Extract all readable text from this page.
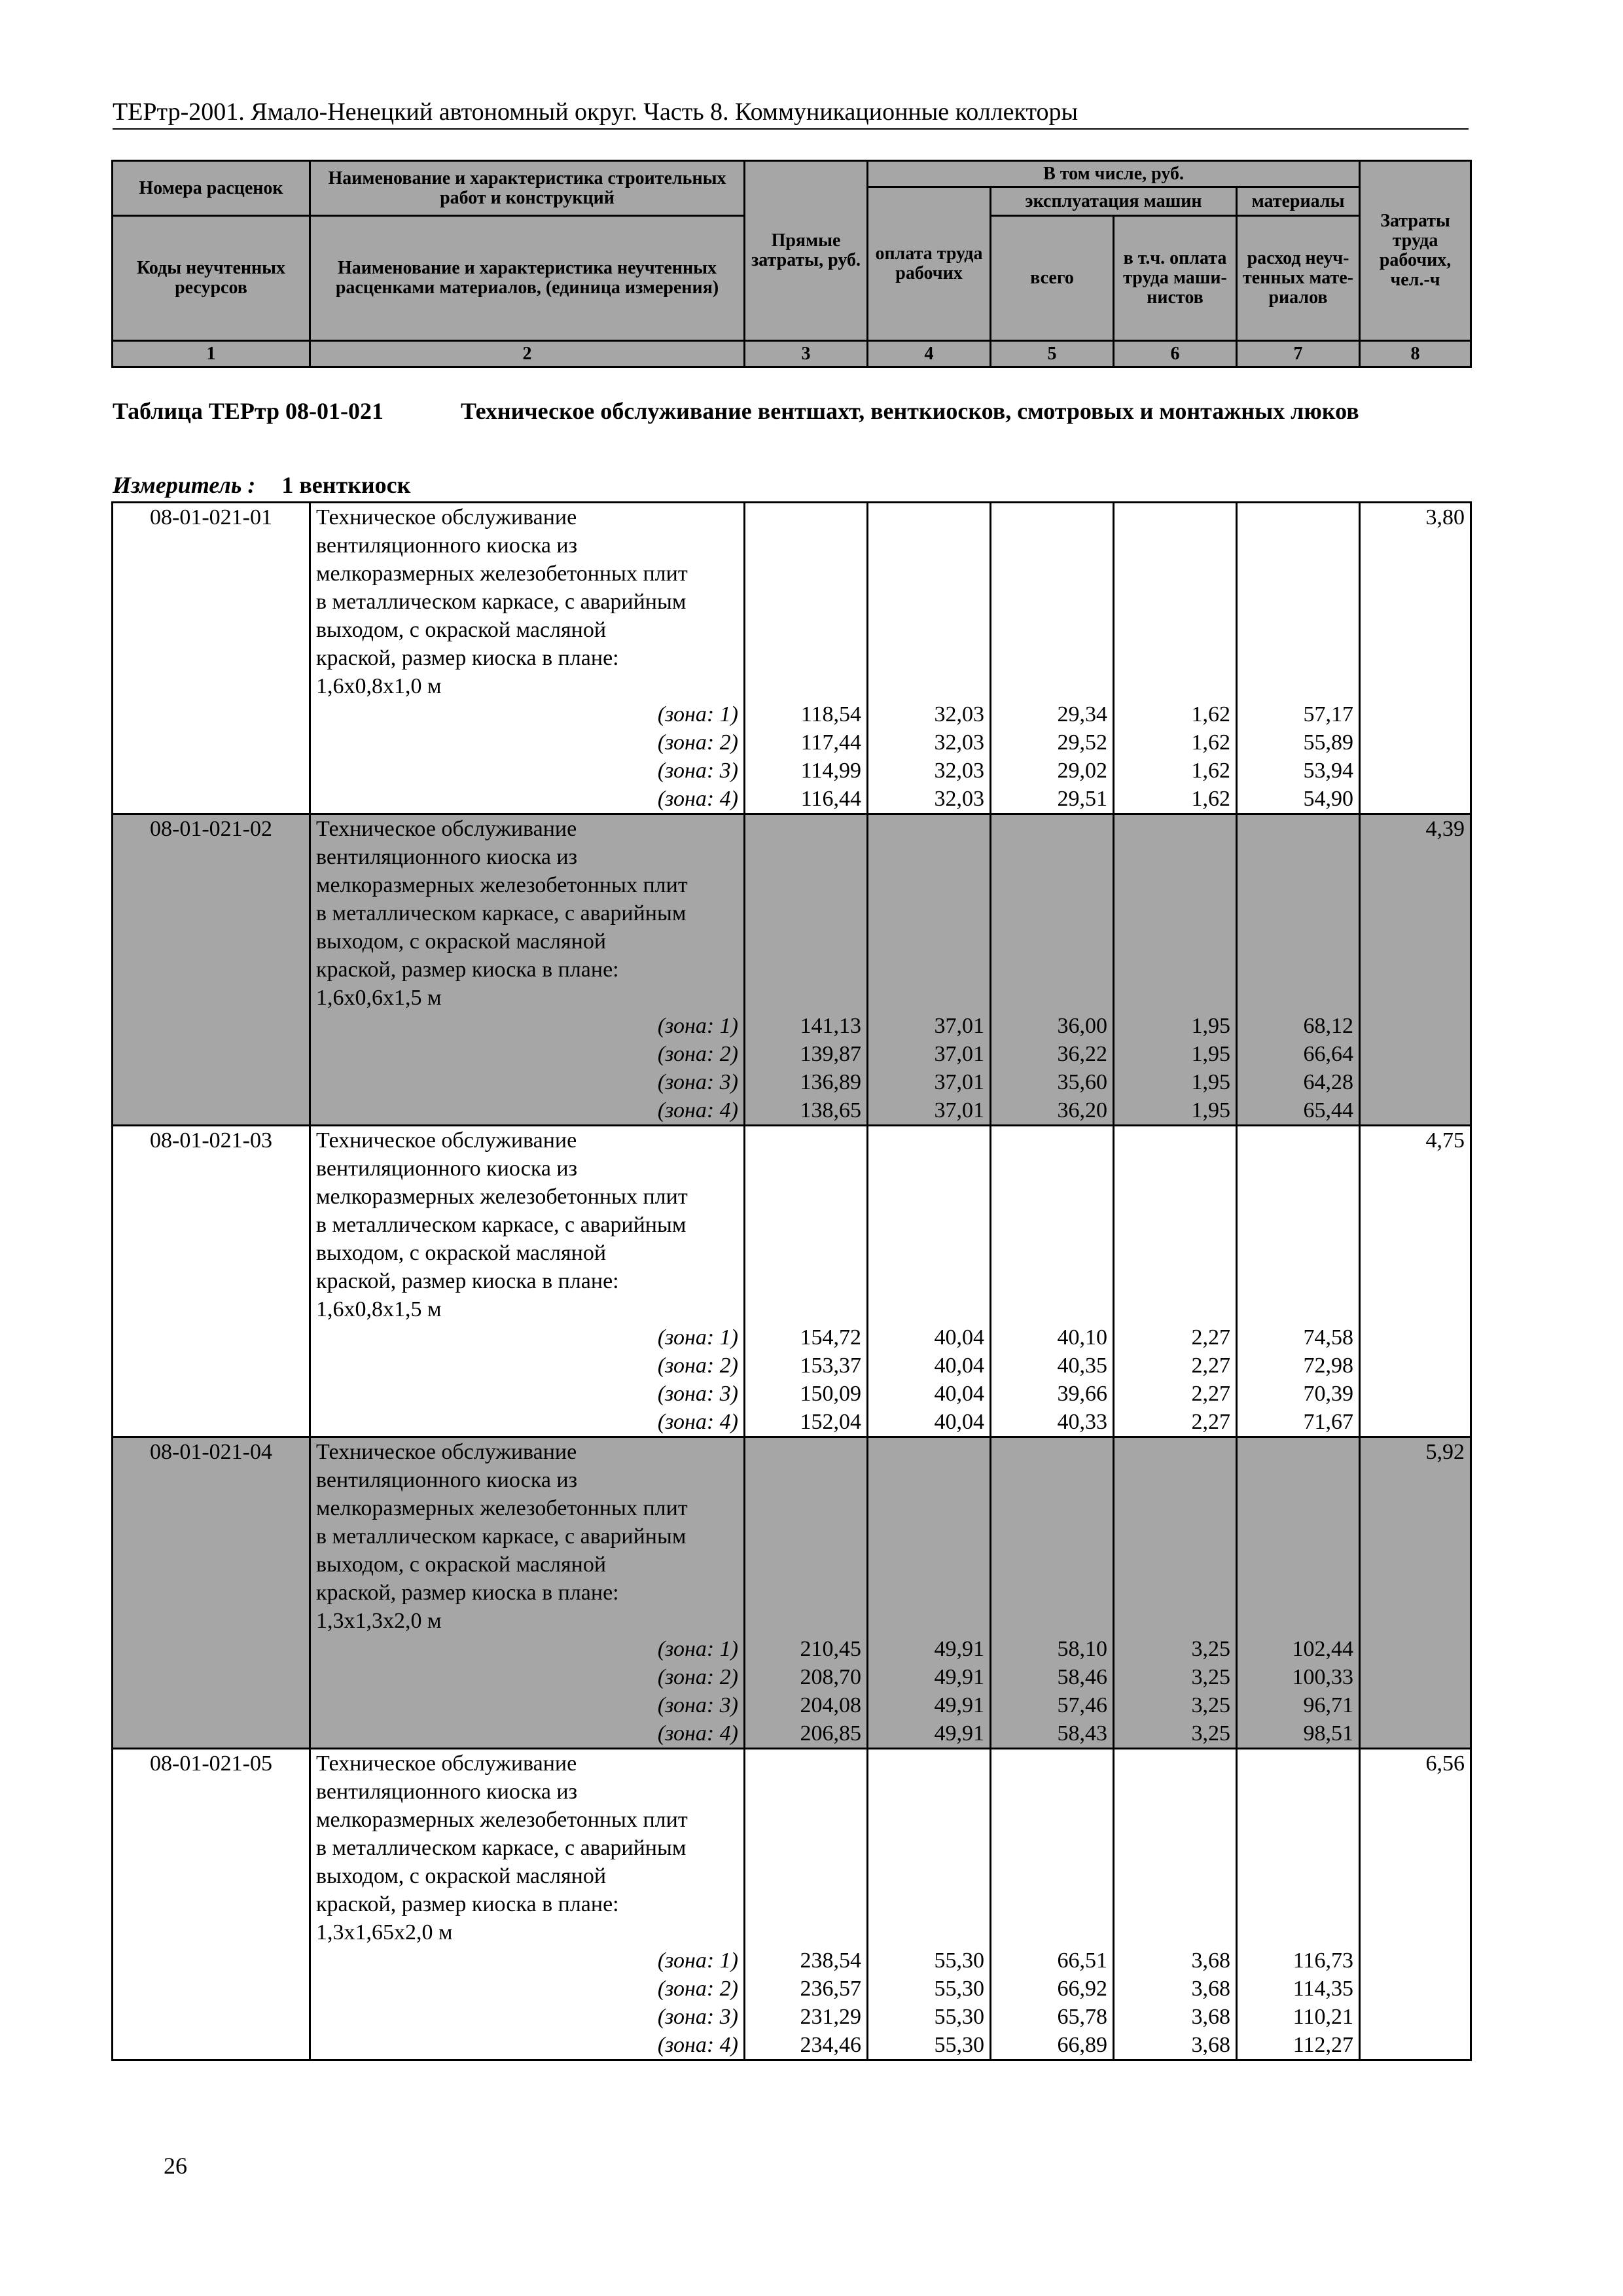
ТЕРтр-2001. Ямало-Ненецкий автономный округ. Часть 8. Коммуникационные коллекторы
Номера расценок	Наименование и характеристика строительных работ и конструкций	Прямые затраты, руб.	В том числе, руб.				Затраты труда рабочих, чел.-ч
			оплата труда рабочих	эксплуатация машин		материалы	
Коды неучтенных ресурсов	Наименование и характеристика неучтенных расценками материалов, (единица измерения)			всего	в т.ч. оплата труда маши-нистов	расход неуч-тенных мате-риалов	

1	2	3	4	5	6	7	8
Таблица ТЕРтр 08-01-021	Техническое обслуживание вентшахт, венткиосков, смотровых и монтажных люков
Измеритель : 1 венткиоск
08-01-021-01	Техническое обслуживание						3,80
	вентиляционного киоска из						
	мелкоразмерных железобетонных плит						
	в металлическом каркасе, с аварийным						
	выходом, с окраской масляной						
	краской, размер киоска в плане:						
	1,6х0,8х1,0 м						
	(зона: 1)	118,54	32,03	29,34	1,62	57,17	
	(зона: 2)	117,44	32,03	29,52	1,62	55,89	
	(зона: 3)	114,99	32,03	29,02	1,62	53,94	
	(зона: 4)	116,44	32,03	29,51	1,62	54,90	
08-01-021-02	Техническое обслуживание						4,39
	вентиляционного киоска из						
	мелкоразмерных железобетонных плит						
	в металлическом каркасе, с аварийным						
	выходом, с окраской масляной						
	краской, размер киоска в плане:						
	1,6х0,6х1,5 м						
	(зона: 1)	141,13	37,01	36,00	1,95	68,12	
	(зона: 2)	139,87	37,01	36,22	1,95	66,64	
	(зона: 3)	136,89	37,01	35,60	1,95	64,28	
	(зона: 4)	138,65	37,01	36,20	1,95	65,44	
08-01-021-03	Техническое обслуживание						4,75
	вентиляционного киоска из						
	мелкоразмерных железобетонных плит						
	в металлическом каркасе, с аварийным						
	выходом, с окраской масляной						
	краской, размер киоска в плане:						
	1,6х0,8х1,5 м						
	(зона: 1)	154,72	40,04	40,10	2,27	74,58	
	(зона: 2)	153,37	40,04	40,35	2,27	72,98	
	(зона: 3)	150,09	40,04	39,66	2,27	70,39	
	(зона: 4)	152,04	40,04	40,33	2,27	71,67	
08-01-021-04	Техническое обслуживание						5,92
	вентиляционного киоска из						
	мелкоразмерных железобетонных плит						
	в металлическом каркасе, с аварийным						
	выходом, с окраской масляной						
	краской, размер киоска в плане:						
	1,3х1,3х2,0 м						
	(зона: 1)	210,45	49,91	58,10	3,25	102,44	
	(зона: 2)	208,70	49,91	58,46	3,25	100,33	
	(зона: 3)	204,08	49,91	57,46	3,25	96,71	
	(зона: 4)	206,85	49,91	58,43	3,25	98,51	
08-01-021-05	Техническое обслуживание						6,56
	вентиляционного киоска из						
	мелкоразмерных железобетонных плит						
	в металлическом каркасе, с аварийным						
	выходом, с окраской масляной						
	краской, размер киоска в плане:						
	1,3х1,65х2,0 м						
	(зона: 1)	238,54	55,30	66,51	3,68	116,73	
	(зона: 2)	236,57	55,30	66,92	3,68	114,35	
	(зона: 3)	231,29	55,30	65,78	3,68	110,21	
	(зона: 4)	234,46	55,30	66,89	3,68	112,27	
26
